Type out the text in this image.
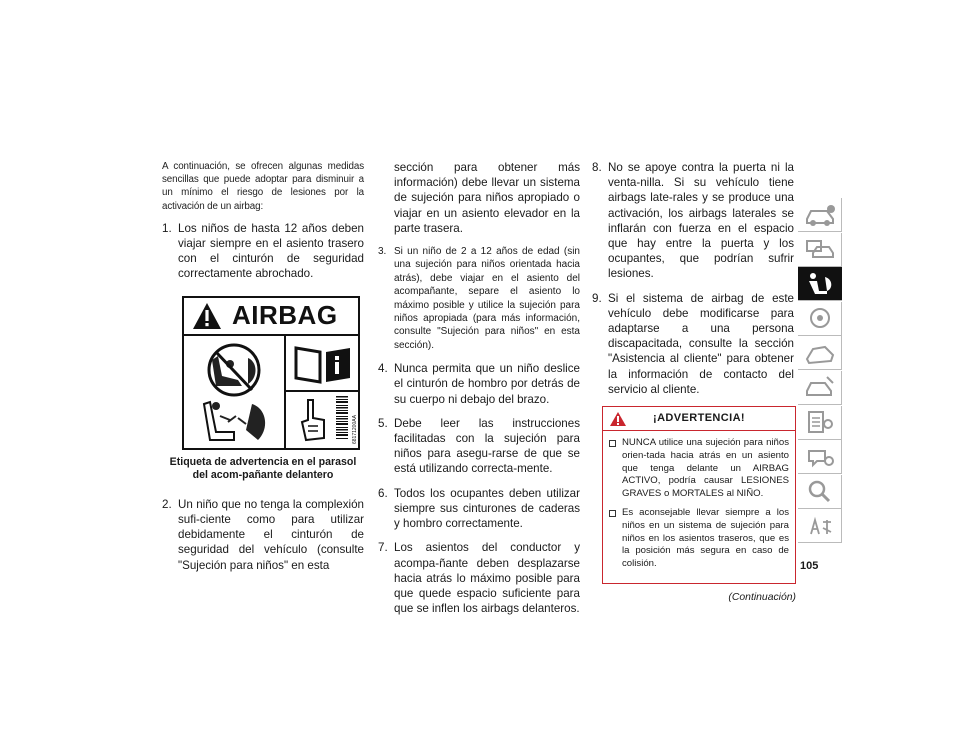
A continuación, se ofrecen algunas medidas sencillas que puede adoptar para disminuir a un mínimo el riesgo de lesiones por la activación de un airbag:

1. Los niños de hasta 12 años deben viajar siempre en el asiento trasero con el cinturón de seguridad correctamente abrochado.
AIRBAG
68171200AA

Etiqueta de advertencia en el parasol del acom-pañante delantero

2. Un niño que no tenga la complexión sufi-ciente como para utilizar debidamente el cinturón de seguridad del vehículo (consulte "Sujeción para niños" en esta

sección para obtener más información) debe llevar un sistema de sujeción para niños apropiado o viajar en un asiento elevador en la parte trasera.

3. Si un niño de 2 a 12 años de edad (sin una sujeción para niños orientada hacia atrás), debe viajar en el asiento del acompañante, separe el asiento lo máximo posible y utilice la sujeción para niños apropiada (para más información, consulte "Sujeción para niños" en esta sección).
4. Nunca permita que un niño deslice el cinturón de hombro por detrás de su cuerpo ni debajo del brazo.
5. Debe leer las instrucciones facilitadas con la sujeción para niños para asegu-rarse de que se está utilizando correcta-mente.
6. Todos los ocupantes deben utilizar siempre sus cinturones de caderas y hombro correctamente.
7. Los asientos del conductor y acompa-ñante deben desplazarse hacia atrás lo máximo posible para que quede espacio suficiente para que se inflen los airbags delanteros.
8. No se apoye contra la puerta ni la venta-nilla. Si su vehículo tiene airbags late-rales y se produce una activación, los airbags laterales se inflarán con fuerza en el espacio que hay entre la puerta y los ocupantes, que podrían sufrir lesiones.
9. Si el sistema de airbag de este vehículo debe modificarse para adaptarse a una persona discapacitada, consulte la sección "Asistencia al cliente" para obtener la información de contacto del servicio al cliente.
¡ADVERTENCIA!
NUNCA utilice una sujeción para niños orien-tada hacia atrás en un asiento que tenga delante un AIRBAG ACTIVO, podría causar LESIONES GRAVES o MORTALES al NIÑO.
Es aconsejable llevar siempre a los niños en un sistema de sujeción para niños en los asientos traseros, que es la posición más segura en caso de colisión.

(Continuación)

105
